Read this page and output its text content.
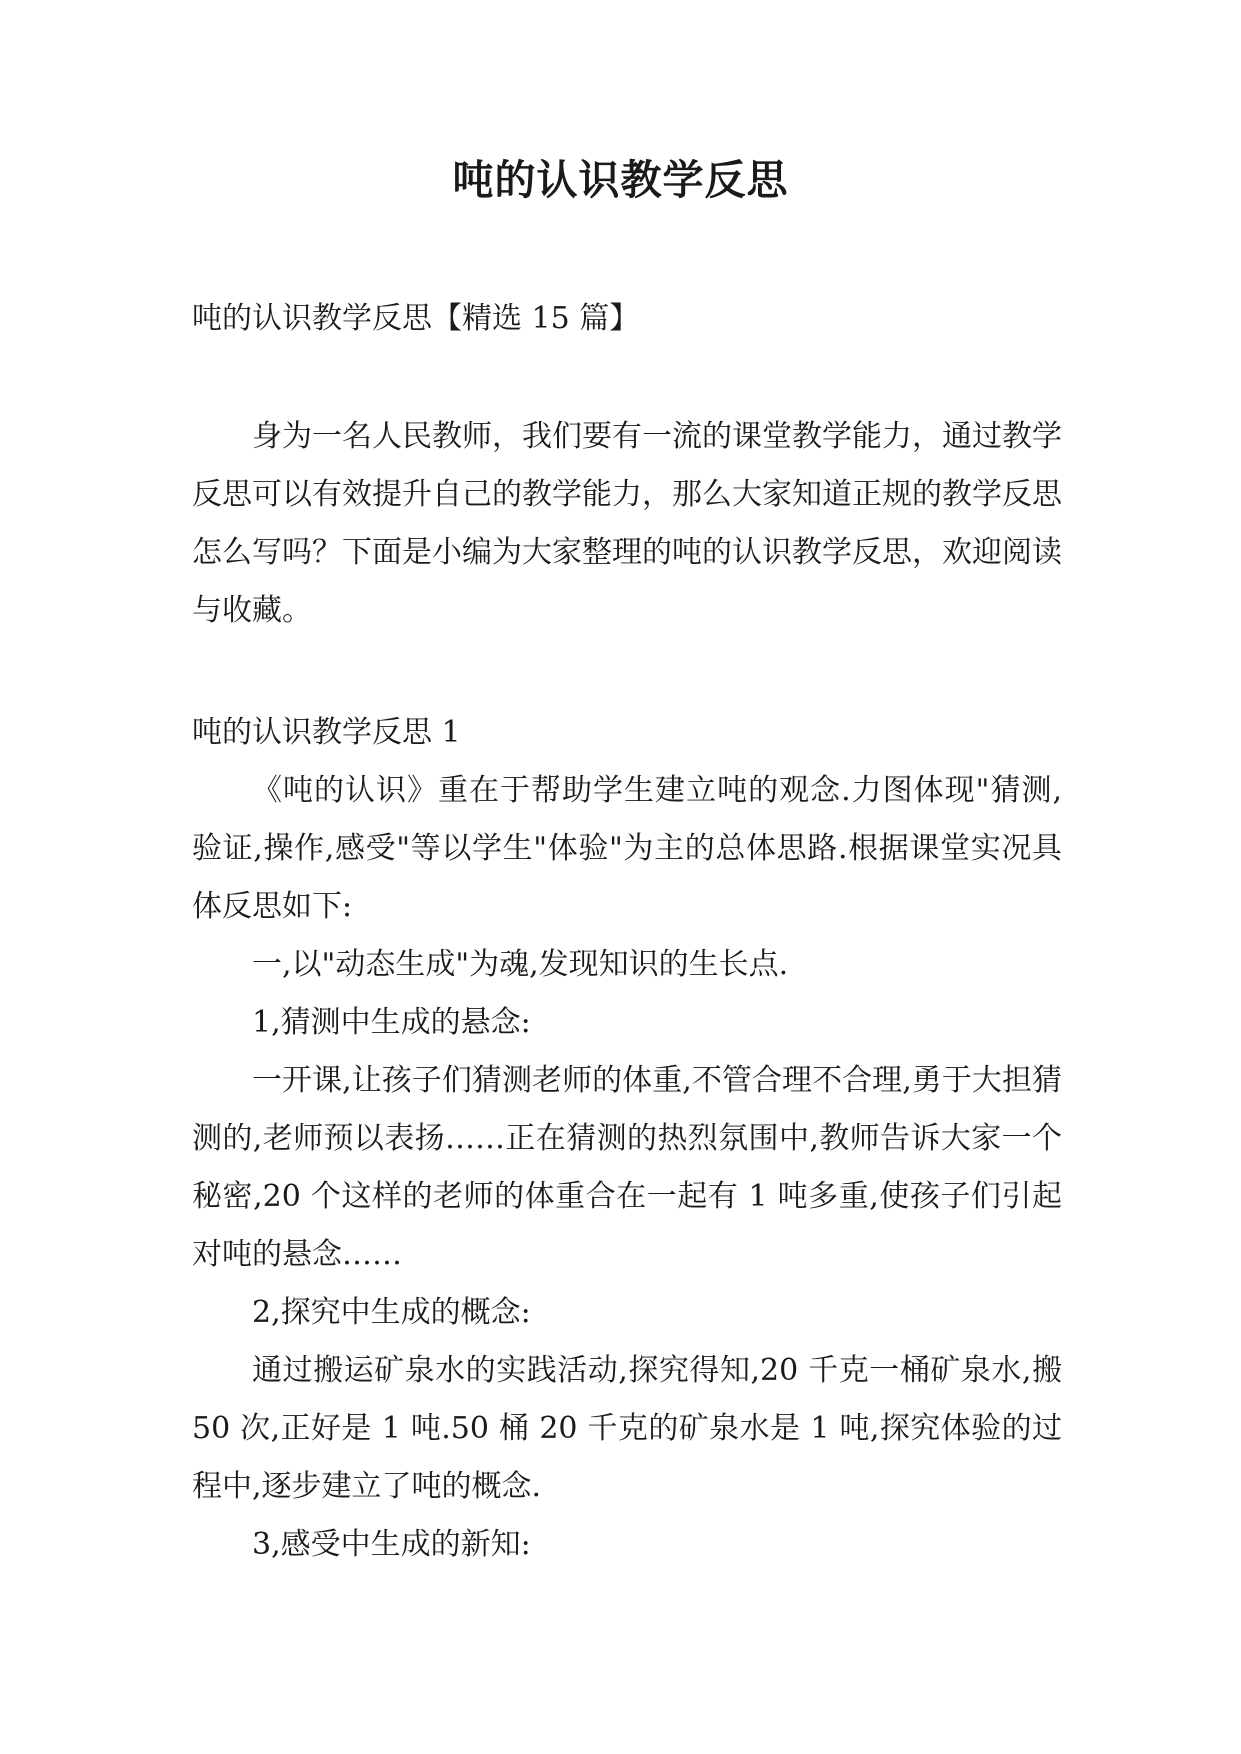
吨的认识教学反思

吨的认识教学反思【精选 15 篇】

身为一名人民教师，我们要有一流的课堂教学能力，通过教学反思可以有效提升自己的教学能力，那么大家知道正规的教学反思怎么写吗？下面是小编为大家整理的吨的认识教学反思，欢迎阅读与收藏。

吨的认识教学反思 1

《吨的认识》重在于帮助学生建立吨的观念.力图体现"猜测,验证,操作,感受"等以学生"体验"为主的总体思路.根据课堂实况具体反思如下:

一,以"动态生成"为魂,发现知识的生长点.

1,猜测中生成的悬念:

一开课,让孩子们猜测老师的体重,不管合理不合理,勇于大担猜测的,老师预以表扬……正在猜测的热烈氛围中,教师告诉大家一个秘密,20 个这样的老师的体重合在一起有 1 吨多重,使孩子们引起对吨的悬念……

2,探究中生成的概念:

通过搬运矿泉水的实践活动,探究得知,20 千克一桶矿泉水,搬 50 次,正好是 1 吨.50 桶 20 千克的矿泉水是 1 吨,探究体验的过程中,逐步建立了吨的概念.

3,感受中生成的新知:
